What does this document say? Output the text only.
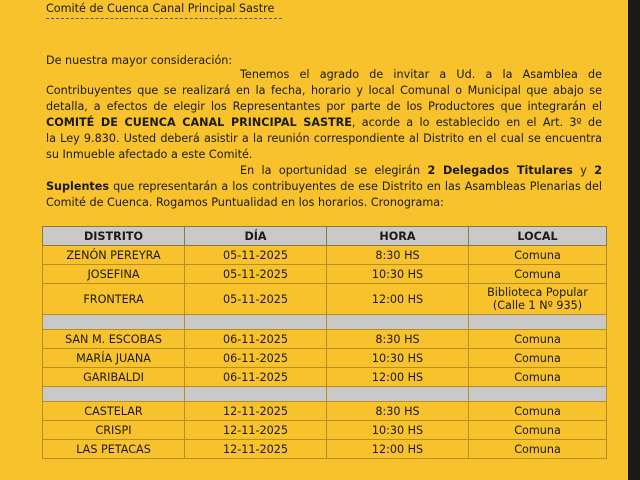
Comité de Cuenca Canal Principal Sastre
De nuestra mayor consideración:
Tenemos el agrado de invitar a Ud. a la Asamblea de
Contribuyentes que se realizará en la fecha, horario y local Comunal o Municipal que abajo se
detalla, a efectos de elegir los Representantes por parte de los Productores que integrarán el
COMITÉ DE CUENCA CANAL PRINCIPAL SASTRE, acorde a lo establecido en el Art. 3º de
la Ley 9.830. Usted deberá asistir a la reunión correspondiente al Distrito en el cual se encuentra
su Inmueble afectado a este Comité.
En la oportunidad se elegirán 2 Delegados Titulares y 2
Suplentes que representarán a los contribuyentes de ese Distrito en las Asambleas Plenarias del
Comité de Cuenca. Rogamos Puntualidad en los horarios. Cronograma:
DISTRITO	DÍA	HORA	LOCAL
ZENÓN PEREYRA	05-11-2025	8:30 HS	Comuna
JOSEFINA	05-11-2025	10:30 HS	Comuna
FRONTERA	05-11-2025	12:00 HS	Biblioteca Popular
(Calle 1 Nº 935)

SAN M. ESCOBAS	06-11-2025	8:30 HS	Comuna
MARÍA JUANA	06-11-2025	10:30 HS	Comuna
GARIBALDI	06-11-2025	12:00 HS	Comuna

CASTELAR	12-11-2025	8:30 HS	Comuna
CRISPI	12-11-2025	10:30 HS	Comuna
LAS PETACAS	12-11-2025	12:00 HS	Comuna
